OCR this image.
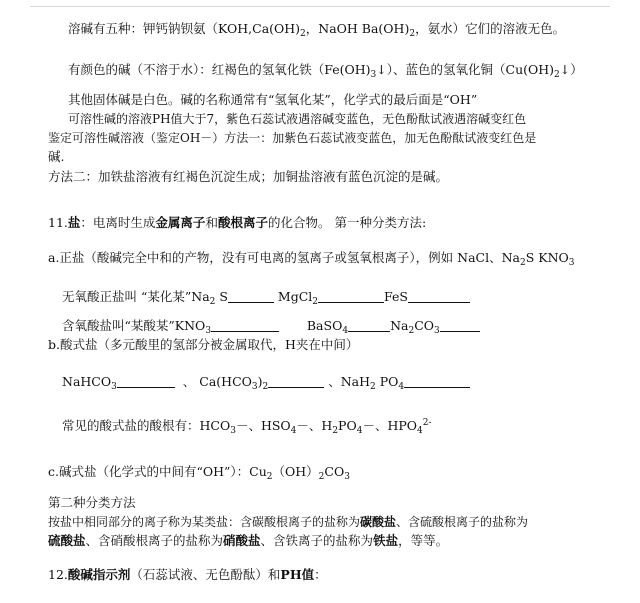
溶碱有五种：钾钙钠钡氨（$KOH,Ca(OH)_2$，NaOH $Ba(OH)_2$，氨水）它们的溶液无色。
有颜色的碱（不溶于水）：红褐色的氢氧化铁$(Fe(OH)_3↓)$、蓝色的氢氧化铜$(Cu(OH)_2↓)$
其他固体碱是白色。碱的名称通常有“氢氧化某”，化学式的最后面是“OH”
可溶性碱的溶液PH值大于7，紫色石蕊试液遇溶碱变蓝色，无色酚酞试液遇溶碱变红色
鉴定可溶性碱溶液（鉴定OH－）方法一：加紫色石蕊试液变蓝色，加无色酚酞试液变红色是
碱.
方法二：加铁盐溶液有红褐色沉淀生成；加铜盐溶液有蓝色沉淀的是碱。
11.盐：电离时生成金属离子和酸根离子的化合物。 第一种分类方法:
a.正盐（酸碱完全中和的产物，没有可电离的氢离子或氢氧根离子），例如 NaCl、$Na_2S$ $KNO_3$
无氧酸正盐叫 “某化某$”Na_2$ S	MgCl$_2$	FeS
含氧酸盐叫“某酸某$”KNO_3$	BaSO$_4$	$Na_2CO_3$
b.酸式盐（多元酸里的氢部分被金属取代，H夹在中间）
NaHCO$_3$	、 $Ca(HCO_3)_2$	、NaH$_2$ $PO_4$
常见的酸式盐的酸根有：$HCO_3-$、$HSO_4-$、$H_2PO_4-$、$HPO_4^{2-}$
c.碱式盐（化学式的中间有“OH”）：$Cu_2(OH)_2CO_3$
第二种分类方法
按盐中相同部分的离子称为某类盐：含碳酸根离子的盐称为碳酸盐、含硫酸根离子的盐称为
硫酸盐、含硝酸根离子的盐称为硝酸盐、含铁离子的盐称为铁盐，等等。
12.酸碱指示剂（石蕊试液、无色酚酞）和PH值：
